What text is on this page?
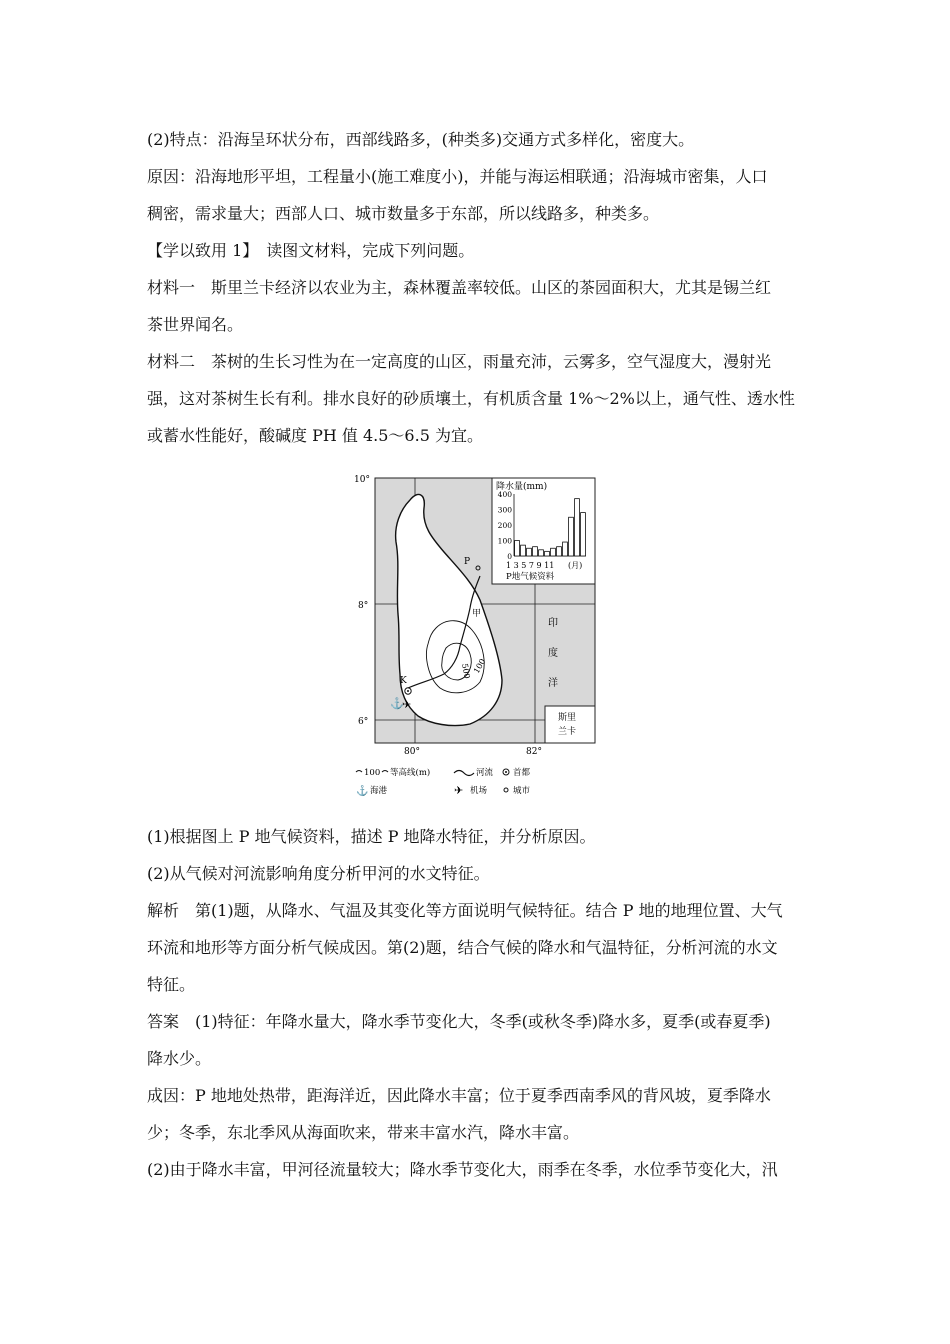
(2)特点：沿海呈环状分布，西部线路多，(种类多)交通方式多样化，密度大。
原因：沿海地形平坦，工程量小(施工难度小)，并能与海运相联通；沿海城市密集，人口
稠密，需求量大；西部人口、城市数量多于东部，所以线路多，种类多。
【学以致用 1】　读图文材料，完成下列问题。
材料一　斯里兰卡经济以农业为主，森林覆盖率较低。山区的茶园面积大，尤其是锡兰红
茶世界闻名。
材料二　茶树的生长习性为在一定高度的山区，雨量充沛，云雾多，空气湿度大，漫射光
强，这对茶树生长有利。排水良好的砂质壤土，有机质含量 1%～2%以上，通气性、透水性
或蓄水性能好，酸碱度 PH 值 4.5～6.5 为宜。
降水量(mm)
0
100
200
300
400
1 3 5 7 9 11 (月)
P地气候资料
P
K
⚓
✈
甲
500 100
印
度
洋
斯里
兰卡
10°
8°
6°
80°	82°
100 等高线(m)	河流 首都
⚓ 海港	✈ 机场	城市
(1)根据图上 P 地气候资料，描述 P 地降水特征，并分析原因。
(2)从气候对河流影响角度分析甲河的水文特征。
解析　第(1)题，从降水、气温及其变化等方面说明气候特征。结合 P 地的地理位置、大气
环流和地形等方面分析气候成因。第(2)题，结合气候的降水和气温特征，分析河流的水文
特征。
答案　(1)特征：年降水量大，降水季节变化大，冬季(或秋冬季)降水多，夏季(或春夏季)
降水少。
成因：P 地地处热带，距海洋近，因此降水丰富；位于夏季西南季风的背风坡，夏季降水
少；冬季，东北季风从海面吹来，带来丰富水汽，降水丰富。
(2)由于降水丰富，甲河径流量较大；降水季节变化大，雨季在冬季，水位季节变化大，汛
